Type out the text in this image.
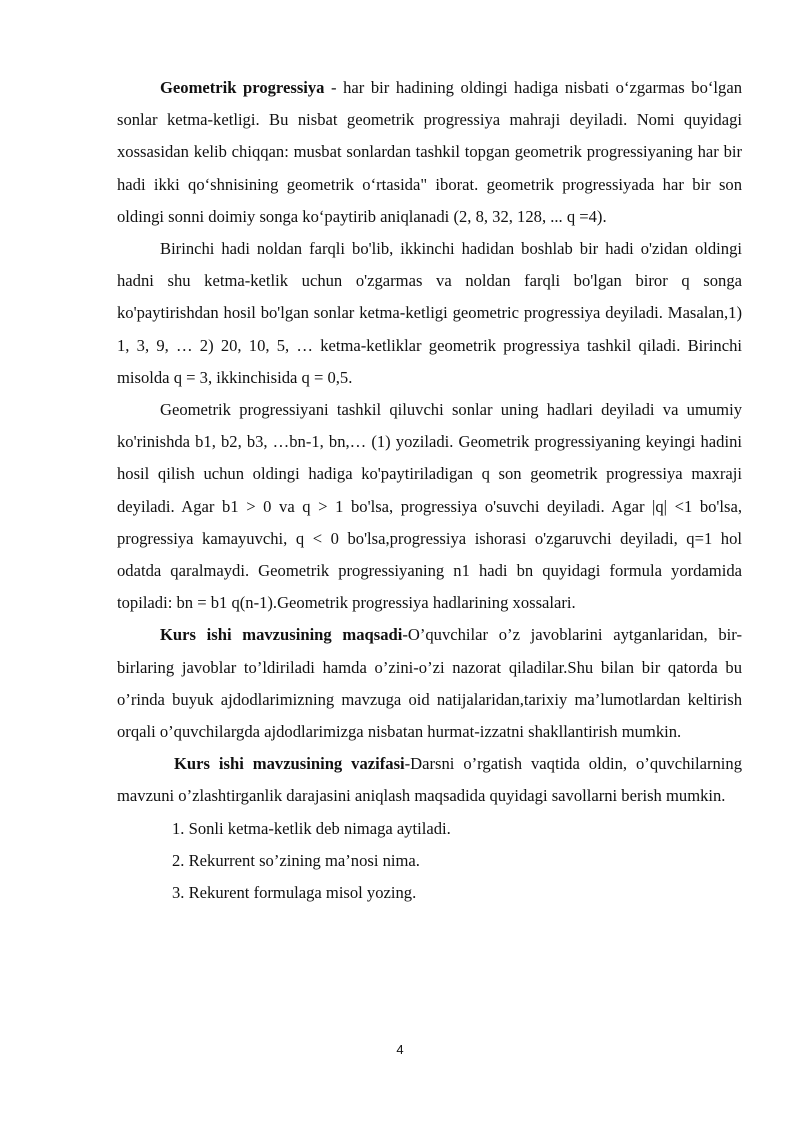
Geometrik progressiya - har bir hadining oldingi hadiga nisbati o‘zgarmas bo‘lgan sonlar ketma-ketligi. Bu nisbat geometrik progressiya mahraji deyiladi. Nomi quyidagi xossasidan kelib chiqqan: musbat sonlardan tashkil topgan geometrik progressiyaning har bir hadi ikki qo‘shnisining geometrik o‘rtasida" iborat. geometrik progressiyada har bir son oldingi sonni doimiy songa ko‘paytirib aniqlanadi (2, 8, 32, 128, ... q =4).

Birinchi hadi noldan farqli bo'lib, ikkinchi hadidan boshlab bir hadi o'zidan oldingi hadni shu ketma-ketlik uchun o'zgarmas va noldan farqli bo'lgan biror q songa ko'paytirishdan hosil bo'lgan sonlar ketma-ketligi geometric progressiya deyiladi. Masalan,1) 1, 3, 9, … 2) 20, 10, 5, … ketma-ketliklar geometrik progressiya tashkil qiladi. Birinchi misolda q = 3, ikkinchisida q = 0,5.

Geometrik progressiyani tashkil qiluvchi sonlar uning hadlari deyiladi va umumiy ko'rinishda b1, b2, b3, …bn-1, bn,… (1) yoziladi. Geometrik progressiyaning keyingi hadini hosil qilish uchun oldingi hadiga ko'paytiriladigan q son geometrik progressiya maxraji deyiladi. Agar b1 > 0 va q > 1 bo'lsa, progressiya o'suvchi deyiladi. Agar |q| <1 bo'lsa, progressiya kamayuvchi, q < 0 bo'lsa,progressiya ishorasi o'zgaruvchi deyiladi, q=1 hol odatda qaralmaydi. Geometrik progressiyaning n1 hadi bn quyidagi formula yordamida topiladi: bn = b1 q(n-1).Geometrik progressiya hadlarining xossalari.

Kurs ishi mavzusining maqsadi-O’quvchilar o’z javoblarini aytganlaridan, bir-birlaring javoblar to’ldiriladi hamda o’zini-o’zi nazorat qiladilar.Shu bilan bir qatorda bu o’rinda buyuk ajdodlarimizning mavzuga oid natijalaridan,tarixiy ma’lumotlardan keltirish orqali o’quvchilargda ajdodlarimizga nisbatan hurmat-izzatni shakllantirish mumkin.

Kurs ishi mavzusining vazifasi-Darsni o’rgatish vaqtida oldin, o’quvchilarning mavzuni o’zlashtirganlik darajasini aniqlash maqsadida quyidagi savollarni berish mumkin.

1. Sonli ketma-ketlik deb nimaga aytiladi.
2. Rekurrent so’zining ma’nosi nima.
3. Rekurent formulaga misol yozing.
4
